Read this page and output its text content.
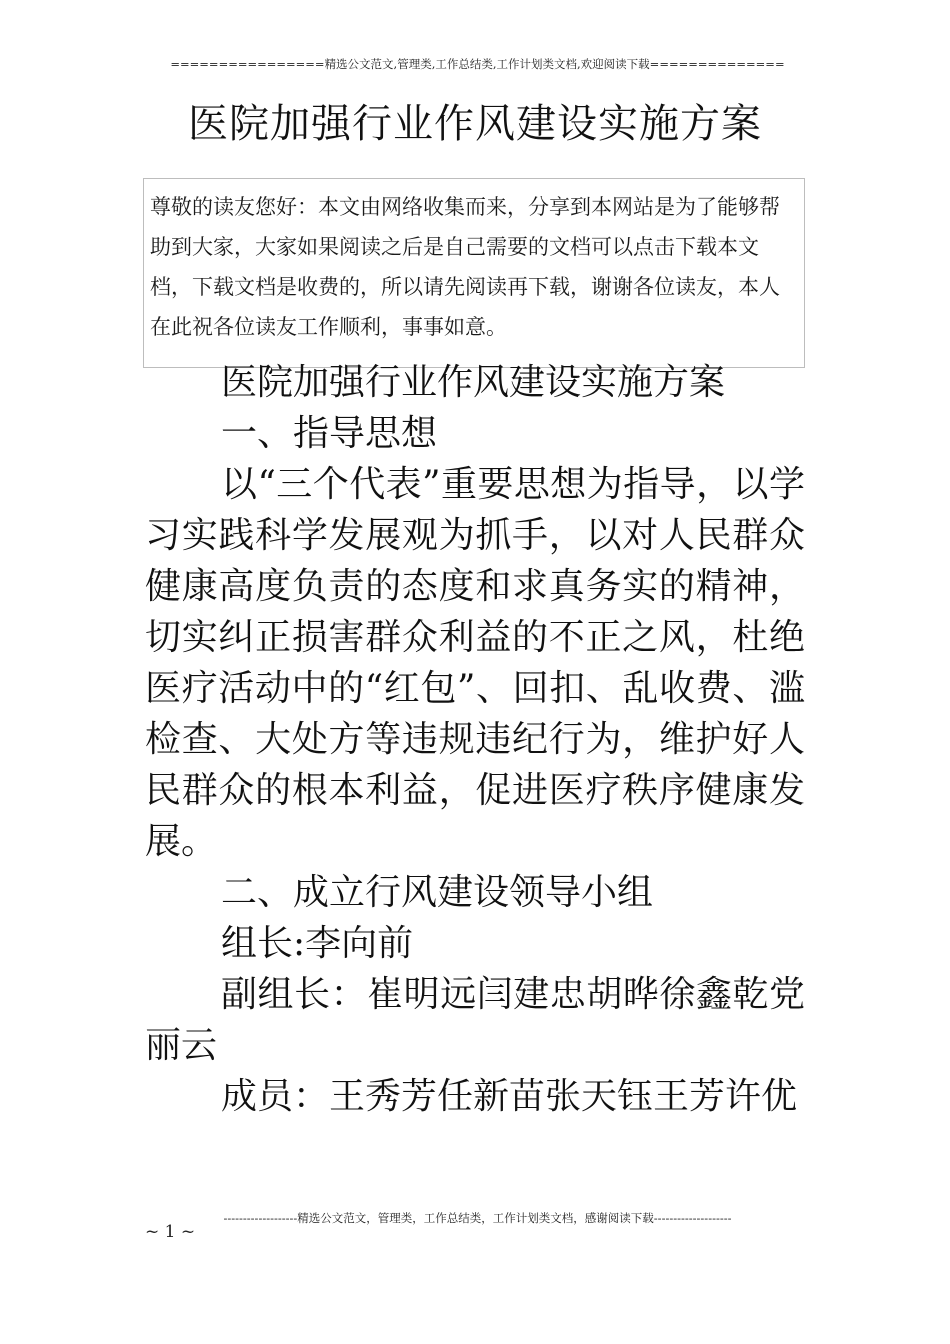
================精选公文范文,管理类,工作总结类,工作计划类文档,欢迎阅读下载==============
医院加强行业作风建设实施方案
尊敬的读友您好：本文由网络收集而来，分享到本网站是为了能够帮助到大家，大家如果阅读之后是自己需要的文档可以点击下载本文档，下载文档是收费的，所以请先阅读再下载，谢谢各位读友，本人在此祝各位读友工作顺利，事事如意。

医院加强行业作风建设实施方案

一、指导思想

以“三个代表”重要思想为指导，以学习实践科学发展观为抓手，以对人民群众健康高度负责的态度和求真务实的精神，切实纠正损害群众利益的不正之风，杜绝医疗活动中的“红包”、回扣、乱收费、滥检查、大处方等违规违纪行为，维护好人民群众的根本利益，促进医疗秩序健康发展。

二、成立行风建设领导小组

组长:李向前

副组长：崔明远闫建忠胡晔徐鑫乾党丽云

成员：王秀芳任新苗张天钰王芳许优

-------------------精选公文范文，管理类，工作总结类，工作计划类文档，感谢阅读下载--------------------
~ 1 ~
